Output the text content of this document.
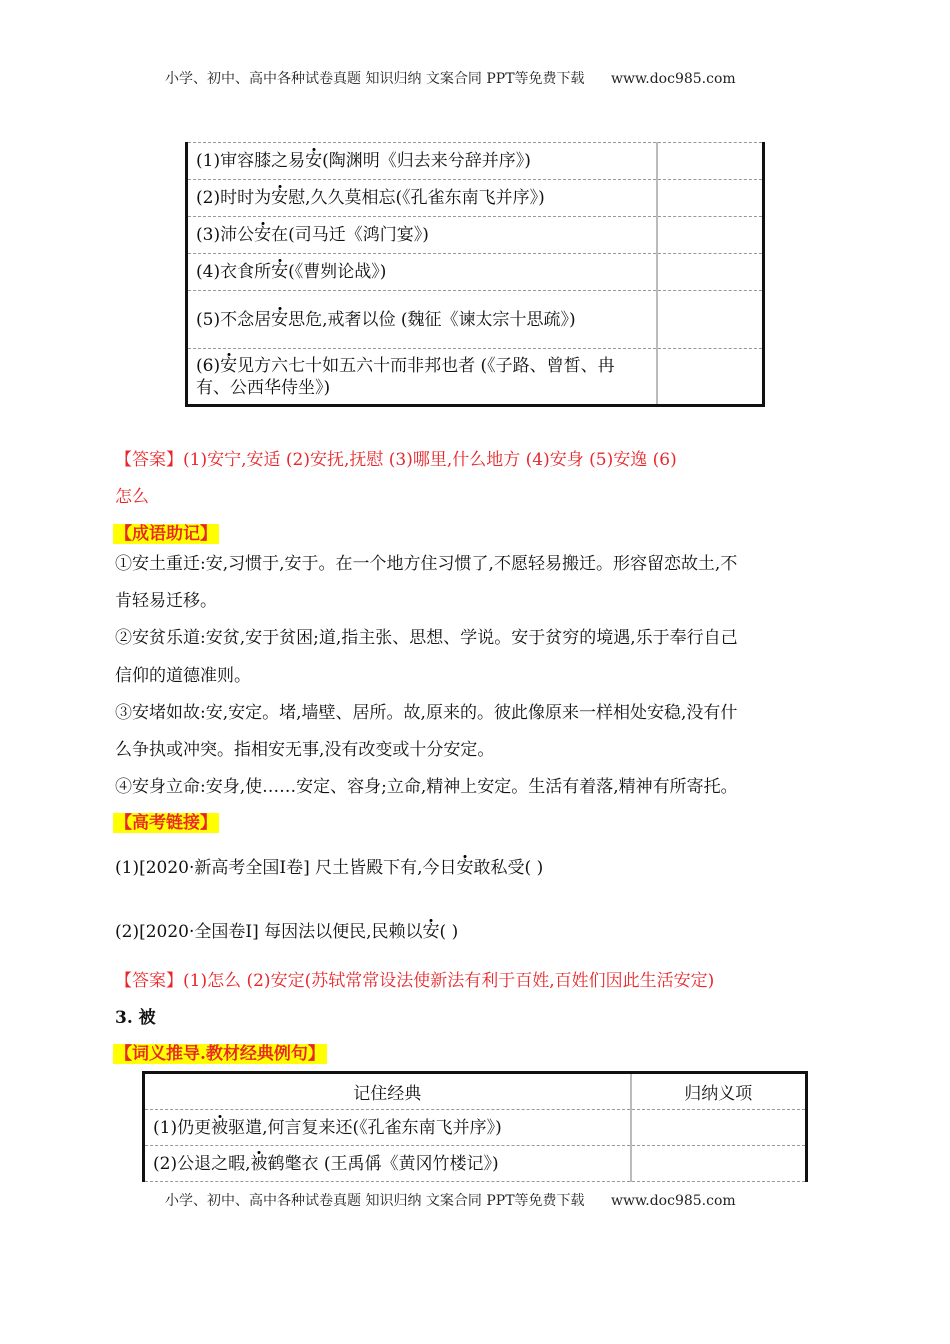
小学、初中、高中各种试卷真题 知识归纳 文案合同 PPT等免费下载 www.doc985.com
(1)审容膝之易安(陶渊明《归去来兮辞并序》)	
(2)时时为安慰,久久莫相忘(《孔雀东南飞并序》)	
(3)沛公安在(司马迁《鸿门宴》)	
(4)衣食所安(《曹刿论战》)	
(5)不念居安思危,戒奢以俭 (魏征《谏太宗十思疏》)	
(6)安见方六七十如五六十而非邦也者 (《子路、曾皙、冉有、公西华侍坐》)	
【答案】(1)安宁,安适 (2)安抚,抚慰 (3)哪里,什么地方 (4)安身 (5)安逸 (6)
怎么
【成语助记】
①安土重迁:安,习惯于,安于。在一个地方住习惯了,不愿轻易搬迁。形容留恋故土,不
肯轻易迁移。
②安贫乐道:安贫,安于贫困;道,指主张、思想、学说。安于贫穷的境遇,乐于奉行自己
信仰的道德准则。
③安堵如故:安,安定。堵,墙壁、居所。故,原来的。彼此像原来一样相处安稳,没有什
么争执或冲突。指相安无事,没有改变或十分安定。
④安身立命:安身,使……安定、容身;立命,精神上安定。生活有着落,精神有所寄托。
【高考链接】
(1)[2020·新高考全国Ⅰ卷] 尺土皆殿下有,今日安敢私受( )
(2)[2020·全国卷Ⅰ] 每因法以便民,民赖以安( )
【答案】(1)怎么 (2)安定(苏轼常常设法使新法有利于百姓,百姓们因此生活安定)
3. 被
【词义推导.教材经典例句】
记住经典	归纳义项
(1)仍更被驱遣,何言复来还(《孔雀东南飞并序》)	
(2)公退之暇,被鹤氅衣 (王禹偁《黄冈竹楼记》)	
小学、初中、高中各种试卷真题 知识归纳 文案合同 PPT等免费下载 www.doc985.com
